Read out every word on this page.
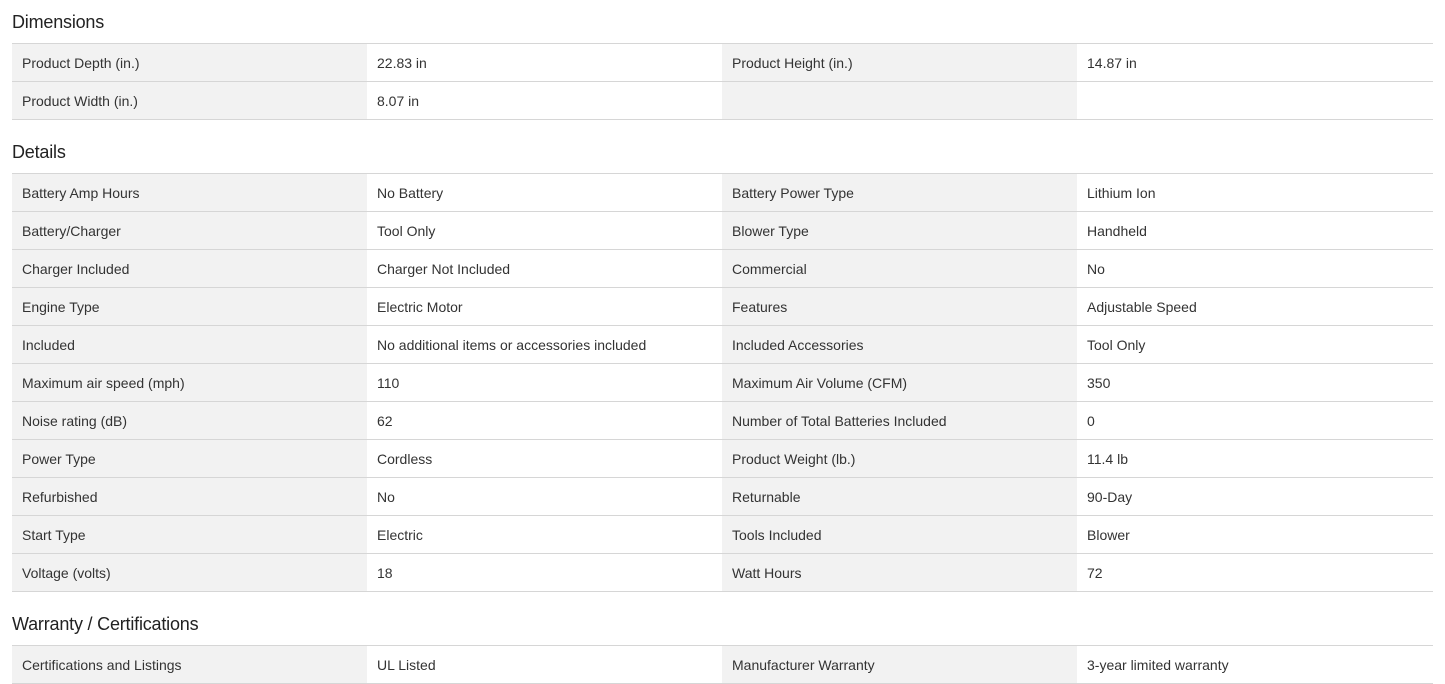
Dimensions
Product Depth (in.)	22.83 in	Product Height (in.)	14.87 in
Product Width (in.)	8.07 in
Details
Battery Amp Hours	No Battery	Battery Power Type	Lithium Ion
Battery/Charger	Tool Only	Blower Type	Handheld
Charger Included	Charger Not Included	Commercial	No
Engine Type	Electric Motor	Features	Adjustable Speed
Included	No additional items or accessories included	Included Accessories	Tool Only
Maximum air speed (mph)	110	Maximum Air Volume (CFM)	350
Noise rating (dB)	62	Number of Total Batteries Included	0
Power Type	Cordless	Product Weight (lb.)	11.4 lb
Refurbished	No	Returnable	90-Day
Start Type	Electric	Tools Included	Blower
Voltage (volts)	18	Watt Hours	72
Warranty / Certifications
Certifications and Listings	UL Listed	Manufacturer Warranty	3-year limited warranty
